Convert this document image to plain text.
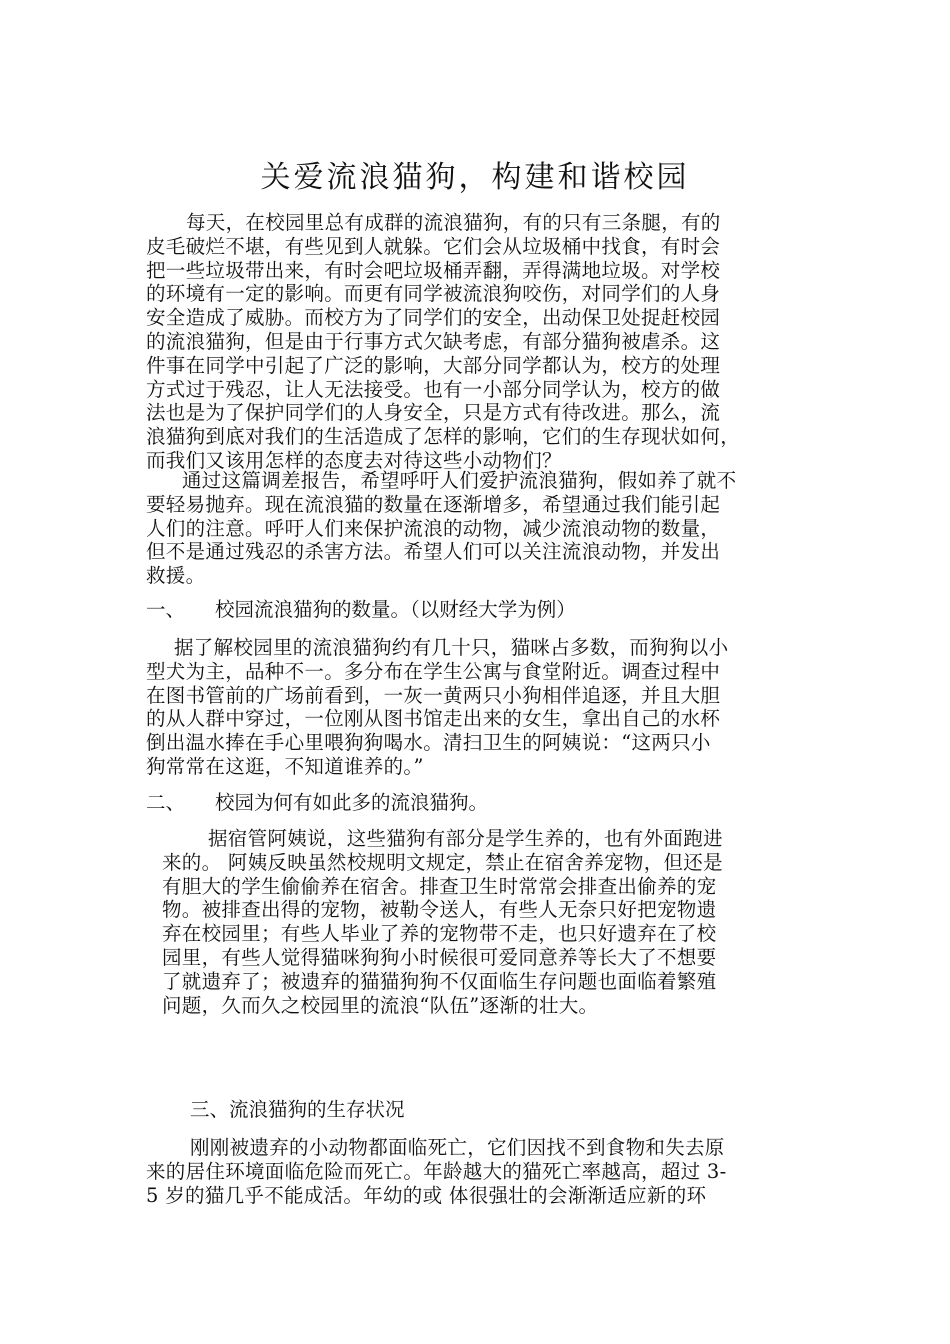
关爱流浪猫狗，构建和谐校园
每天，在校园里总有成群的流浪猫狗，有的只有三条腿，有的
皮毛破烂不堪，有些见到人就躲。它们会从垃圾桶中找食，有时会
把一些垃圾带出来，有时会吧垃圾桶弄翻，弄得满地垃圾。对学校
的环境有一定的影响。而更有同学被流浪狗咬伤，对同学们的人身
安全造成了威胁。而校方为了同学们的安全，出动保卫处捉赶校园
的流浪猫狗，但是由于行事方式欠缺考虑，有部分猫狗被虐杀。这
件事在同学中引起了广泛的影响，大部分同学都认为，校方的处理
方式过于残忍，让人无法接受。也有一小部分同学认为，校方的做
法也是为了保护同学们的人身安全，只是方式有待改进。那么，流
浪猫狗到底对我们的生活造成了怎样的影响，它们的生存现状如何，
而我们又该用怎样的态度去对待这些小动物们？
通过这篇调差报告，希望呼吁人们爱护流浪猫狗，假如养了就不
要轻易抛弃。现在流浪猫的数量在逐渐增多，希望通过我们能引起
人们的注意。呼吁人们来保护流浪的动物，减少流浪动物的数量，
但不是通过残忍的杀害方法。希望人们可以关注流浪动物，并发出
救援。
一、 校园流浪猫狗的数量。（以财经大学为例）
据了解校园里的流浪猫狗约有几十只，猫咪占多数，而狗狗以小
型犬为主，品种不一。多分布在学生公寓与食堂附近。调查过程中
在图书管前的广场前看到，一灰一黄两只小狗相伴追逐，并且大胆
的从人群中穿过，一位刚从图书馆走出来的女生，拿出自己的水杯
倒出温水捧在手心里喂狗狗喝水。清扫卫生的阿姨说：“这两只小
狗常常在这逛，不知道谁养的。”
二、 校园为何有如此多的流浪猫狗。
据宿管阿姨说，这些猫狗有部分是学生养的，也有外面跑进
来的。 阿姨反映虽然校规明文规定，禁止在宿舍养宠物，但还是
有胆大的学生偷偷养在宿舍。排查卫生时常常会排查出偷养的宠
物。被排查出得的宠物，被勒令送人，有些人无奈只好把宠物遗
弃在校园里；有些人毕业了养的宠物带不走，也只好遗弃在了校
园里，有些人觉得猫咪狗狗小时候很可爱同意养等长大了不想要
了就遗弃了；被遗弃的猫猫狗狗不仅面临生存问题也面临着繁殖
问题，久而久之校园里的流浪“队伍”逐渐的壮大。
三、流浪猫狗的生存状况
刚刚被遗弃的小动物都面临死亡，它们因找不到食物和失去原
来的居住环境面临危险而死亡。年龄越大的猫死亡率越高，超过 3-
5 岁的猫几乎不能成活。年幼的或 体很强壮的会渐渐适应新的环
